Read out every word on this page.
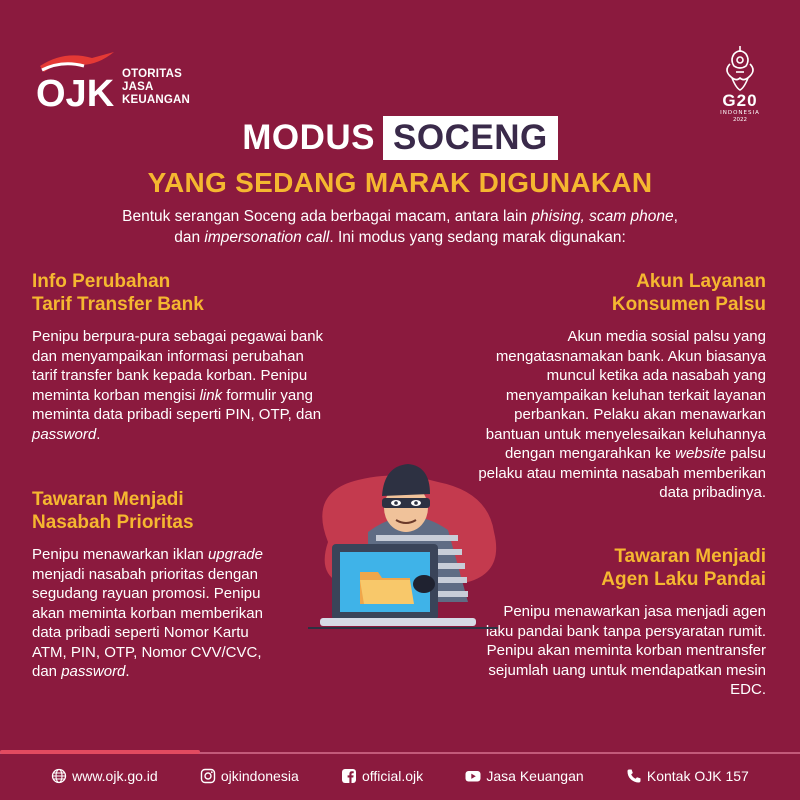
OJK OTORITAS
JASA
KEUANGAN	G20
INDONESIA
2022
MODUS SOCENG
YANG SEDANG MARAK DIGUNAKAN
Bentuk serangan Soceng ada berbagai macam, antara lain phising, scam phone,
dan impersonation call. Ini modus yang sedang marak digunakan:
Info Perubahan
Tarif Transfer Bank

Penipu berpura-pura sebagai pegawai bank dan menyampaikan informasi perubahan tarif transfer bank kepada korban. Penipu meminta korban mengisi link formulir yang meminta data pribadi seperti PIN, OTP, dan password.

Tawaran Menjadi
Nasabah Prioritas

Penipu menawarkan iklan upgrade menjadi nasabah prioritas dengan segudang rayuan promosi. Penipu akan meminta korban memberikan data pribadi seperti Nomor Kartu ATM, PIN, OTP, Nomor CVV/CVC, dan password.

Akun Layanan
Konsumen Palsu

Akun media sosial palsu yang mengatasnamakan bank. Akun biasanya muncul ketika ada nasabah yang menyampaikan keluhan terkait layanan perbankan. Pelaku akan menawarkan bantuan untuk menyelesaikan keluhannya dengan mengarahkan ke website palsu pelaku atau meminta nasabah memberikan data pribadinya.

Tawaran Menjadi
Agen Laku Pandai

Penipu menawarkan jasa menjadi agen laku pandai bank tanpa persyaratan rumit. Penipu akan meminta korban mentransfer sejumlah uang untuk mendapatkan mesin EDC.

www.ojk.go.id	ojkindonesia	official.ojk	Jasa Keuangan	Kontak OJK 157
